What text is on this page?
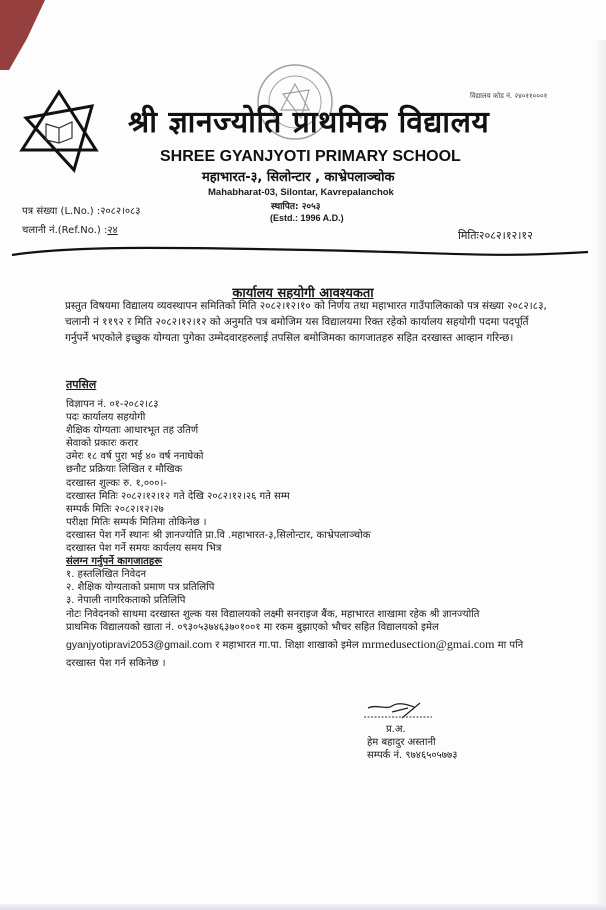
विद्यालय कोड नं. २४०११०००१
श्री ज्ञानज्योति प्राथमिक विद्यालय
SHREE GYANJYOTI PRIMARY SCHOOL
महाभारत-३, सिलोन्टार , काभ्रेपलाञ्चोक
Mahabharat-03, Silontar, Kavrepalanchok
स्थापित: २०५३
(Estd.: 1996 A.D.)
पत्र संख्या (L.No.) :२०८२।०८३
चलानी नं.(Ref.No.) :२४	मितिः२०८२।१२।१२
कार्यालय सहयोगी आवश्यकता
प्रस्तुत विषयमा विद्यालय व्यवस्थापन समितिको मिति २०८२।१२।१० को निर्णय तथा महाभारत गाउँपालिकाको पत्र संख्या २०८२।८३, चलानी नं ११९२ र मिति २०८२।१२।१२ को अनुमति पत्र बमोजिम यस विद्यालयमा रिक्त रहेको कार्यालय सहयोगी पदमा पदपूर्ति गर्नुपर्ने भएकोले इच्छुक योग्यता पुगेका उम्मेदवारहरुलाई तपसिल बमोजिमका कागजातहरु सहित दरखास्त आव्हान गरिन्छ।
तपसिल
विज्ञापन नं. ०१-२०८२।८३
पदः कार्यालय सहयोगी
शैक्षिक योग्यताः आधारभूत तह उतिर्ण
सेवाको प्रकारः करार
उमेरः १८ वर्ष पुरा भई ४० वर्ष ननाघेको
छनौट प्रक्रियाः लिखित र मौखिक
दरखास्त शुल्कः रु. १,०००।-
दरखास्त मितिः २०८२।१२।१२ गते देखि २०८२।१२।२६ गते सम्म
सम्पर्क मितिः २०८२।१२।२७
परीक्षा मितिः सम्पर्क मितिमा तोकिनेछ ।
दरखास्त पेश गर्ने स्थानः श्री ज्ञानज्योति प्रा.वि .महाभारत-३,सिलोन्टार, काभ्रेपलाञ्चोक
दरखास्त पेश गर्ने समयः कार्यलय समय भित्र
संलग्न गर्नुपर्ने कागजातहरू
१. हस्तलिखित निवेदन
२. शैक्षिक योग्यताको प्रमाण पत्र प्रतिलिपि
३. नेपाली नागरिकताको प्रतिलिपि
नोटः निवेदनको साथमा दरखास्त शुल्क यस विद्यालयको लक्ष्मी सनराइज बैंक, महाभारत शाखामा रहेक श्री ज्ञानज्योति
प्राथमिक विद्यालयको खाता नं. ०९३०५३७४६३७०१००१ मा रकम बुझाएको भौचर सहित विद्यालयको इमेल
gyanjyotipravi2053@gmail.com र महाभारत गा.पा. शिक्षा शाखाको इमेल mrmedusection@gmai.com मा पनि
दरखास्त पेश गर्न सकिनेछ ।
प्र.अ.
हेम बहादुर अस्तानी
सम्पर्क नं. ९७४६५०५७७३
